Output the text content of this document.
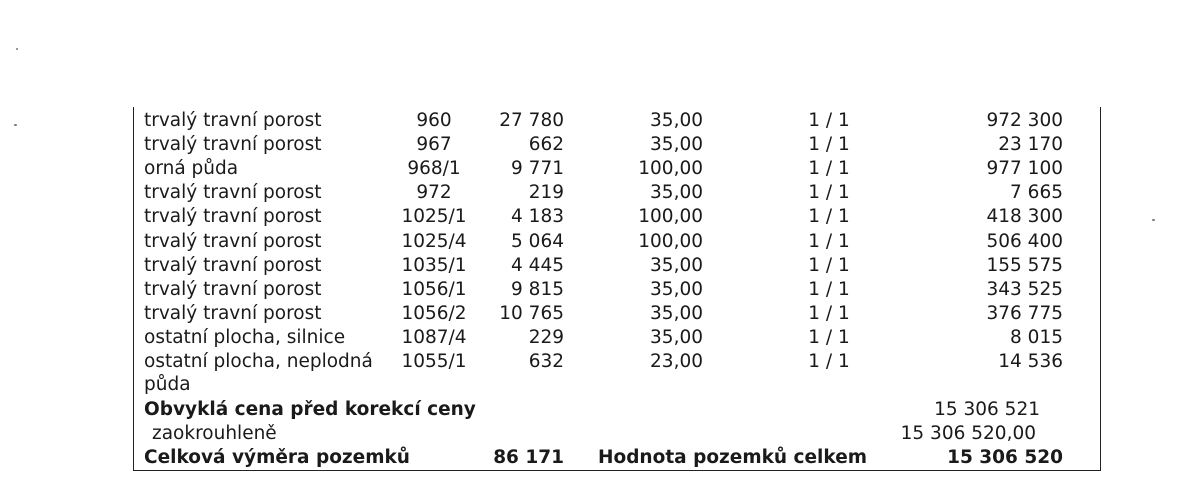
trvalý travní porost	960	27 780	35,00	1 / 1	972 300
trvalý travní porost	967	662	35,00	1 / 1	23 170
orná půda	968/1	9 771	100,00	1 / 1	977 100
trvalý travní porost	972	219	35,00	1 / 1	7 665
trvalý travní porost	1025/1	4 183	100,00	1 / 1	418 300
trvalý travní porost	1025/4	5 064	100,00	1 / 1	506 400
trvalý travní porost	1035/1	4 445	35,00	1 / 1	155 575
trvalý travní porost	1056/1	9 815	35,00	1 / 1	343 525
trvalý travní porost	1056/2	10 765	35,00	1 / 1	376 775
ostatní plocha, silnice	1087/4	229	35,00	1 / 1	8 015
ostatní plocha, neplodná	1055/1	632	23,00	1 / 1	14 536
půda
Obvyklá cena před korekcí ceny	15 306 521
zaokrouhleně	15 306 520,00
Celková výměra pozemků	86 171 Hodnota pozemků celkem	15 306 520
